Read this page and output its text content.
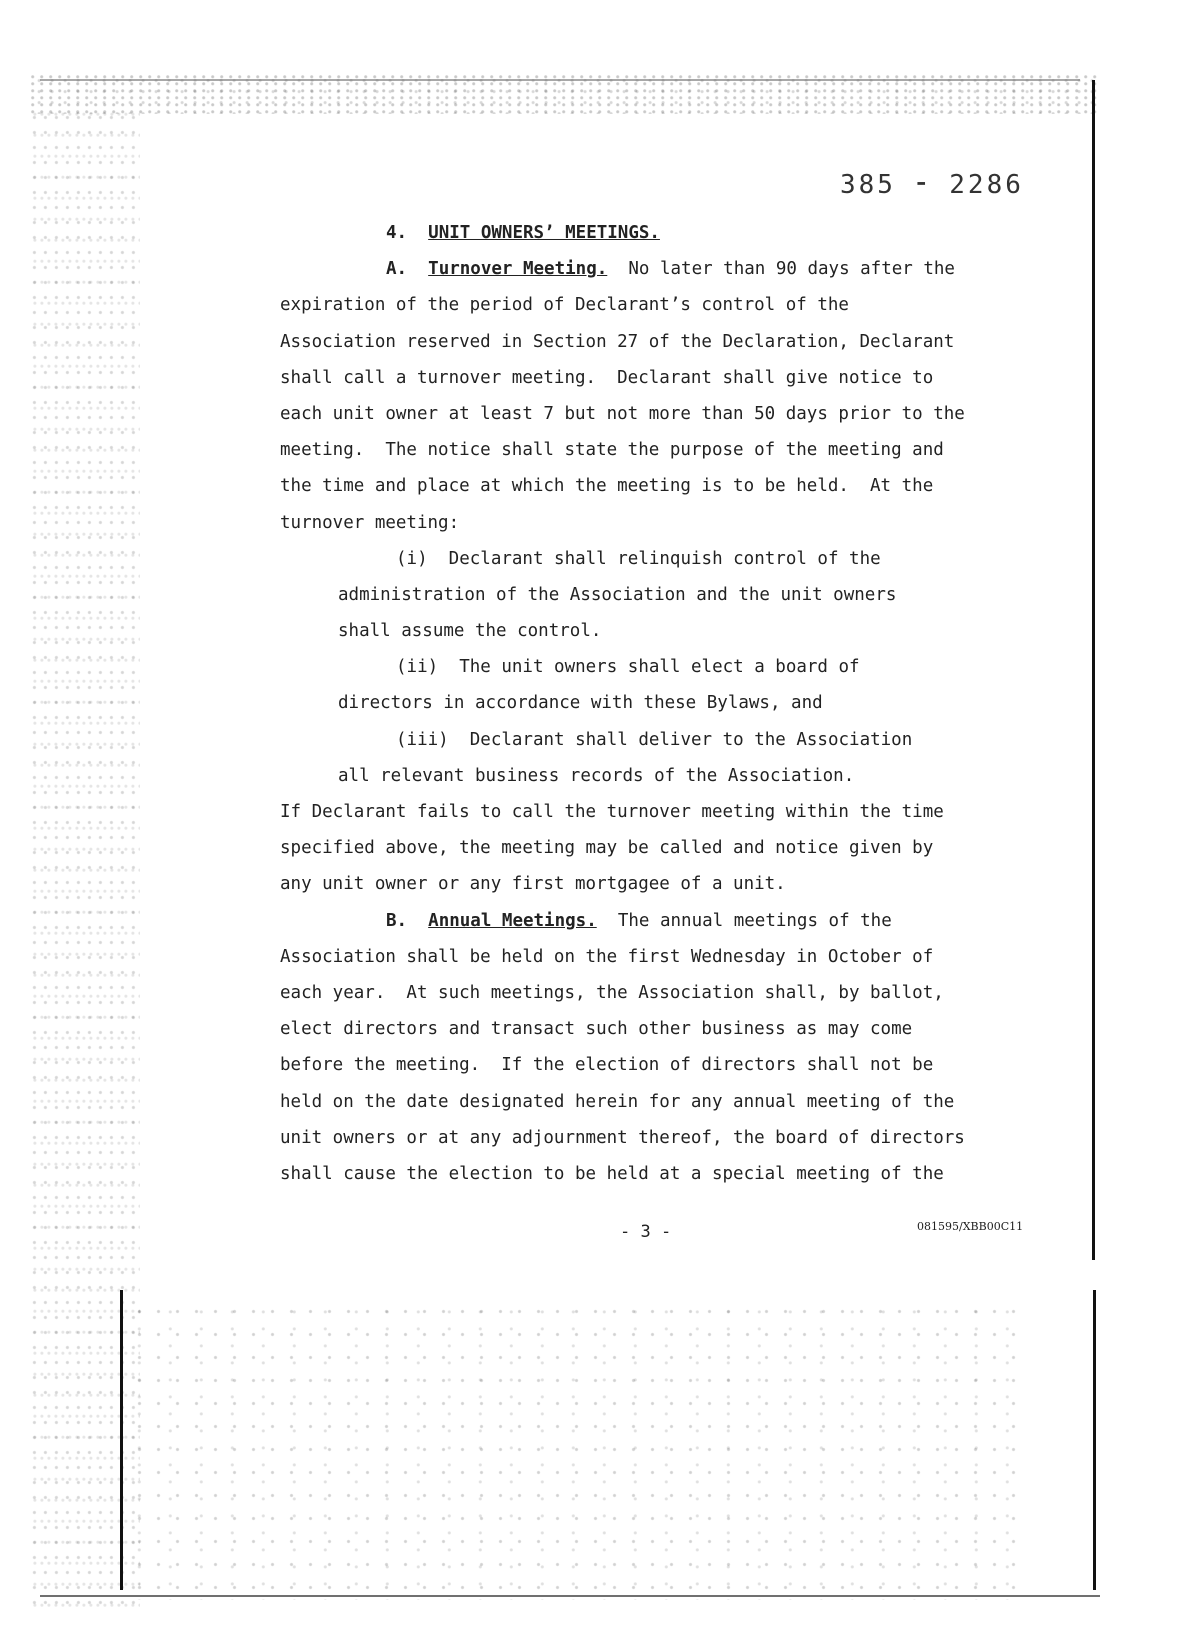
385 ⁃ 2286
4. UNIT OWNERS’ MEETINGS.
A. Turnover Meeting. No later than 90 days after the
expiration of the period of Declarant’s control of the
Association reserved in Section 27 of the Declaration, Declarant
shall call a turnover meeting.  Declarant shall give notice to
each unit owner at least 7 but not more than 50 days prior to the
meeting.  The notice shall state the purpose of the meeting and
the time and place at which the meeting is to be held.  At the
turnover meeting:
(i)  Declarant shall relinquish control of the
administration of the Association and the unit owners
shall assume the control.
(ii)  The unit owners shall elect a board of
directors in accordance with these Bylaws, and
(iii)  Declarant shall deliver to the Association
all relevant business records of the Association.
If Declarant fails to call the turnover meeting within the time
specified above, the meeting may be called and notice given by
any unit owner or any first mortgagee of a unit.
B. Annual Meetings. The annual meetings of the
Association shall be held on the first Wednesday in October of
each year.  At such meetings, the Association shall, by ballot,
elect directors and transact such other business as may come
before the meeting.  If the election of directors shall not be
held on the date designated herein for any annual meeting of the
unit owners or at any adjournment thereof, the board of directors
shall cause the election to be held at a special meeting of the
- 3 -	081595/XBB00C11
